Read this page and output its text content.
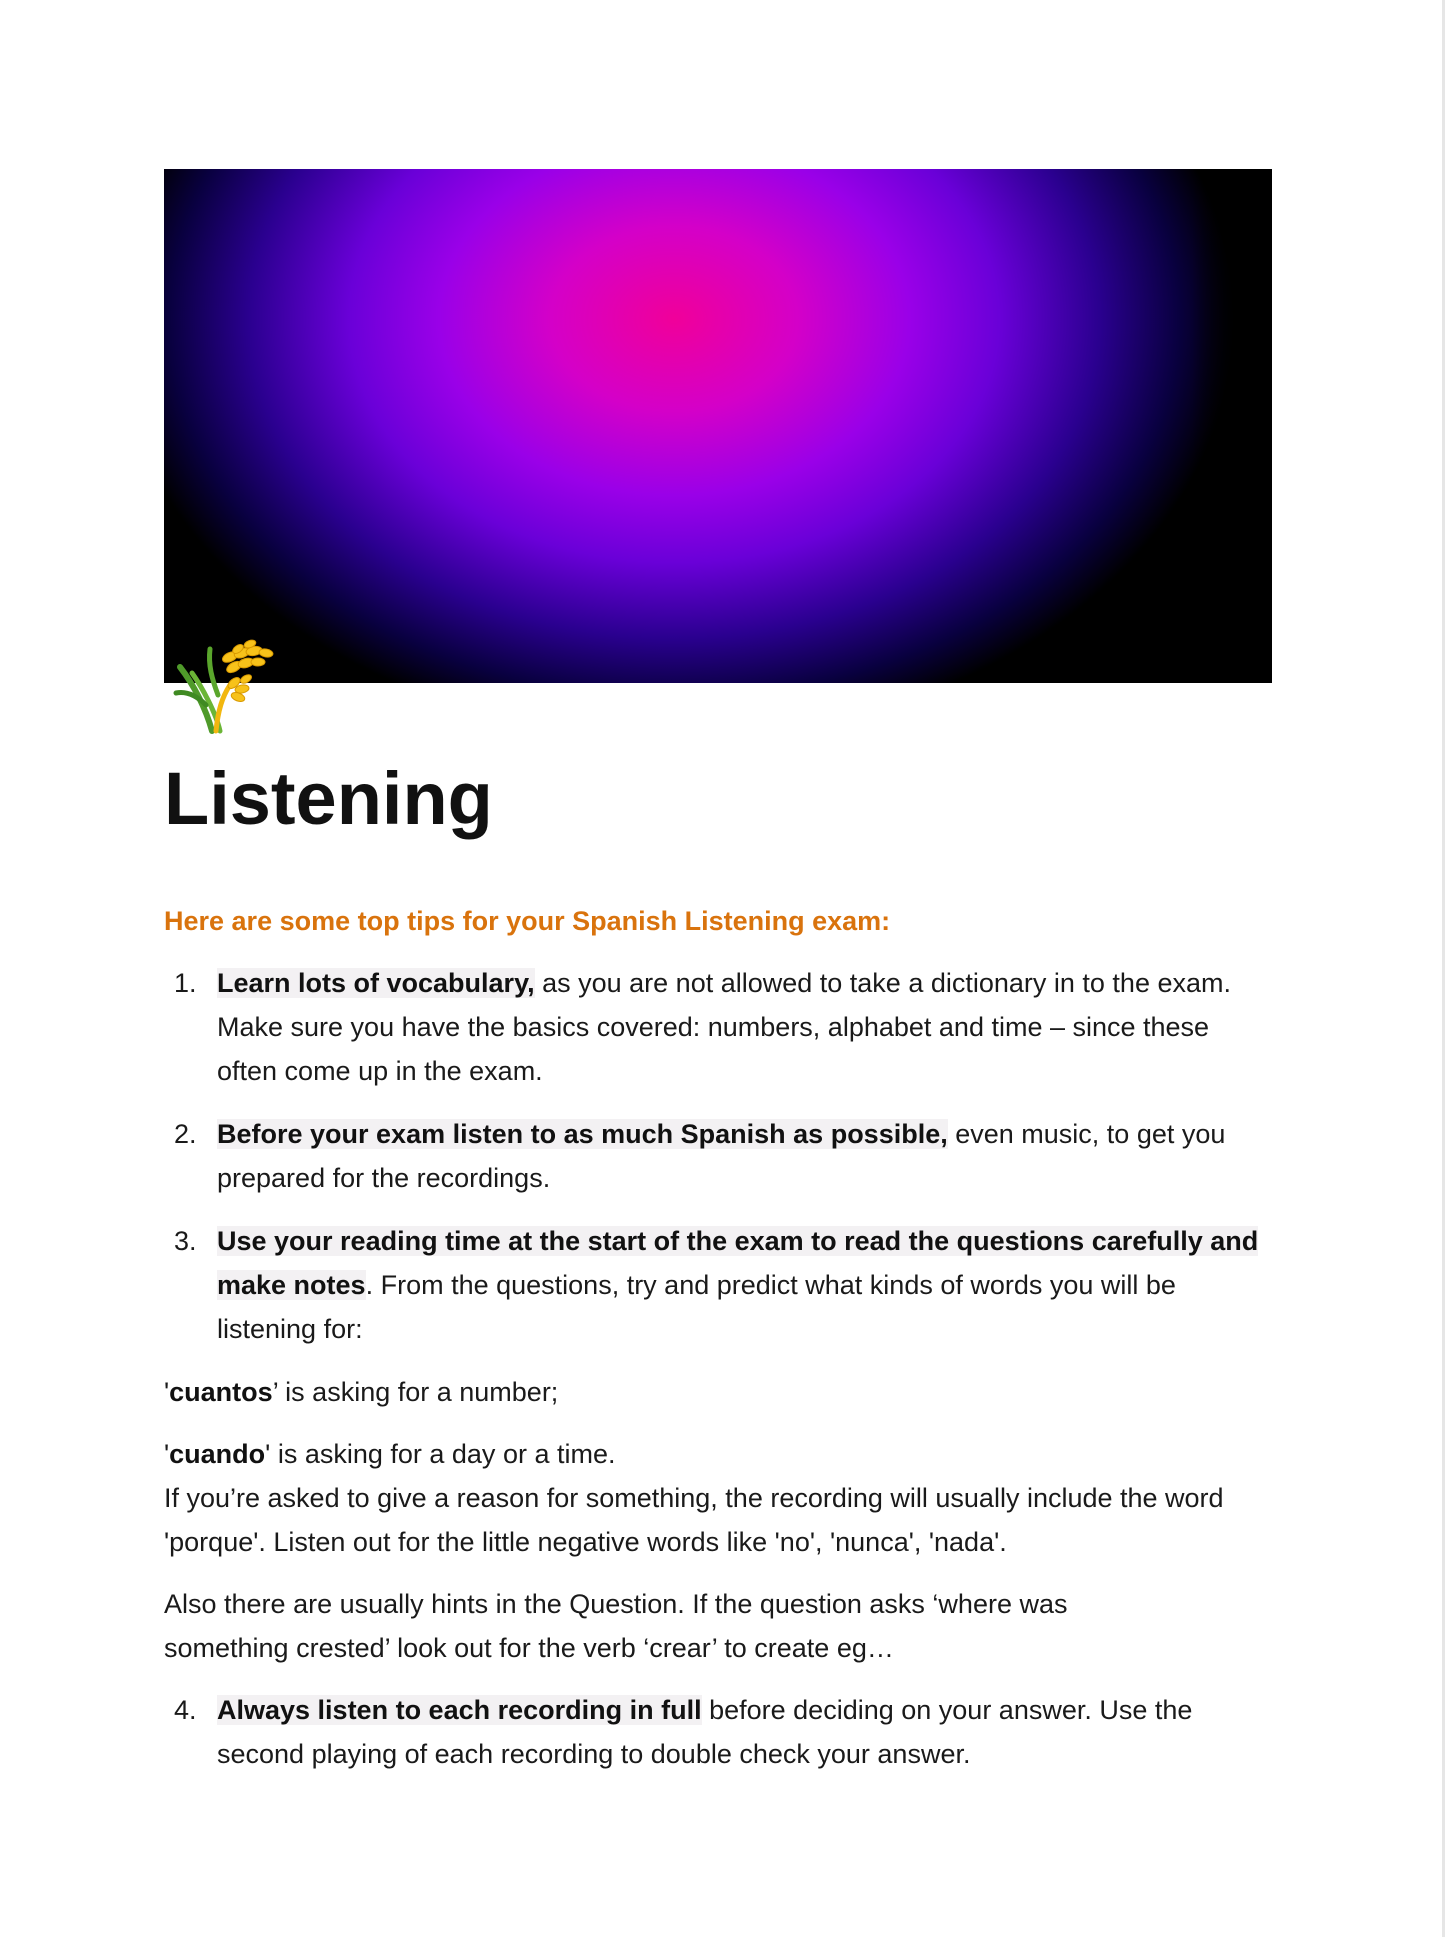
Listening

Here are some top tips for your Spanish Listening exam:

1. Learn lots of vocabulary, as you are not allowed to take a dictionary in to the exam. Make sure you have the basics covered: numbers, alphabet and time – since these often come up in the exam.
2. Before your exam listen to as much Spanish as possible, even music, to get you prepared for the recordings.
3. Use your reading time at the start of the exam to read the questions carefully and make notes. From the questions, try and predict what kinds of words you will be listening for:

'cuantos’ is asking for a number;

'cuando' is asking for a day or a time.

If you’re asked to give a reason for something, the recording will usually include the word 'porque'. Listen out for the little negative words like 'no', 'nunca', 'nada'.

Also there are usually hints in the Question. If the question asks ‘where was something crested’ look out for the verb ‘crear’ to create eg…

4. Always listen to each recording in full before deciding on your answer. Use the second playing of each recording to double check your answer.
